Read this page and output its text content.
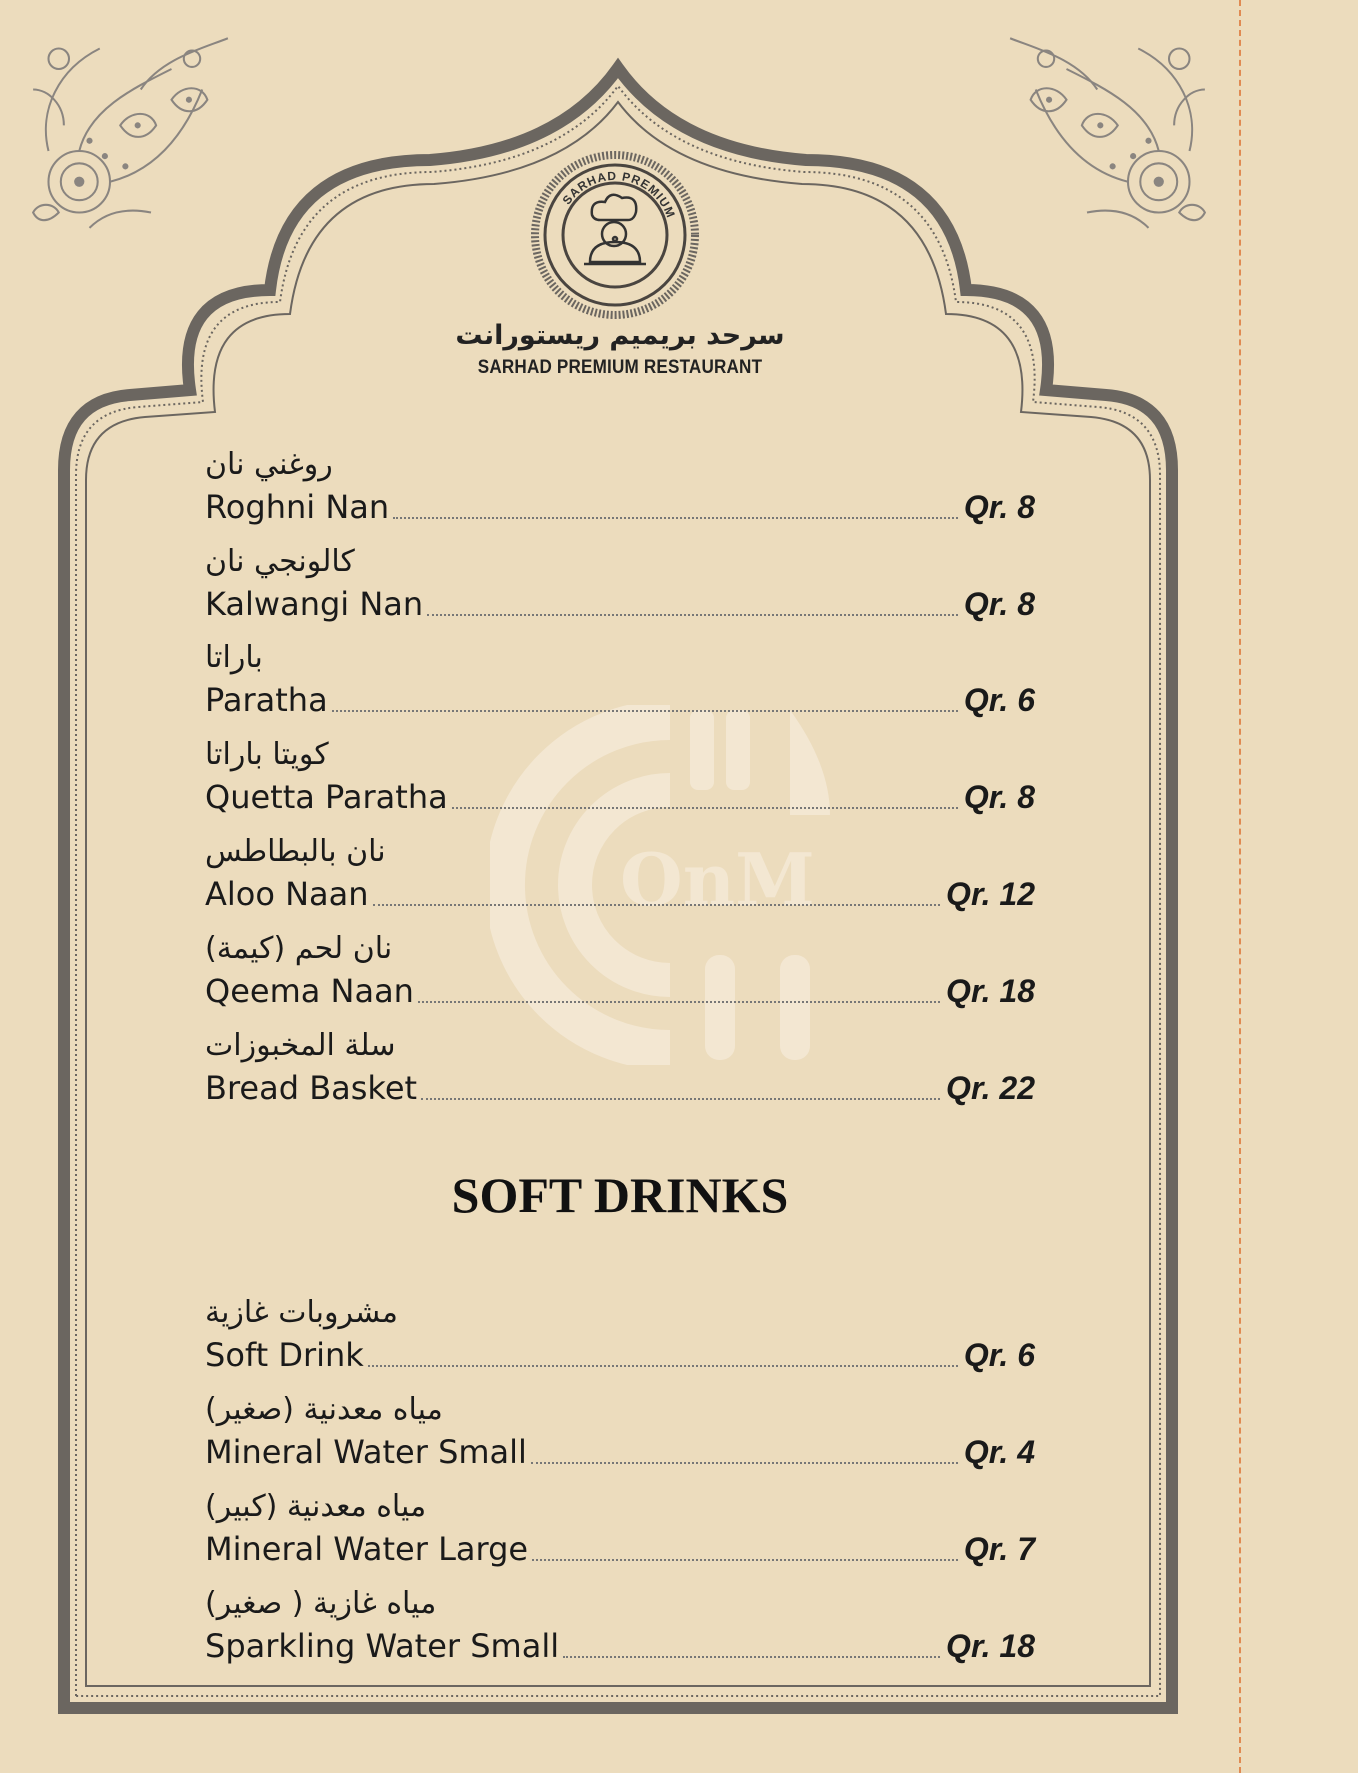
OnM
SARHAD PREMIUM
سرحد بريميم ريستورانت
SARHAD PREMIUM RESTAURANT
روغني نان
Roghni Nan	Qr. 8
كالونجي نان
Kalwangi Nan	Qr. 8
باراتا
Paratha	Qr. 6
كويتا باراتا
Quetta Paratha	Qr. 8
نان بالبطاطس
Aloo Naan	Qr. 12
نان لحم (كيمة)
Qeema Naan	Qr. 18
سلة المخبوزات
Bread Basket	Qr. 22
SOFT DRINKS
مشروبات غازية
Soft Drink	Qr. 6
مياه معدنية (صغير)
Mineral Water Small	Qr. 4
مياه معدنية (كبير)
Mineral Water Large	Qr. 7
مياه غازية ( صغير)
Sparkling Water Small	Qr. 18
